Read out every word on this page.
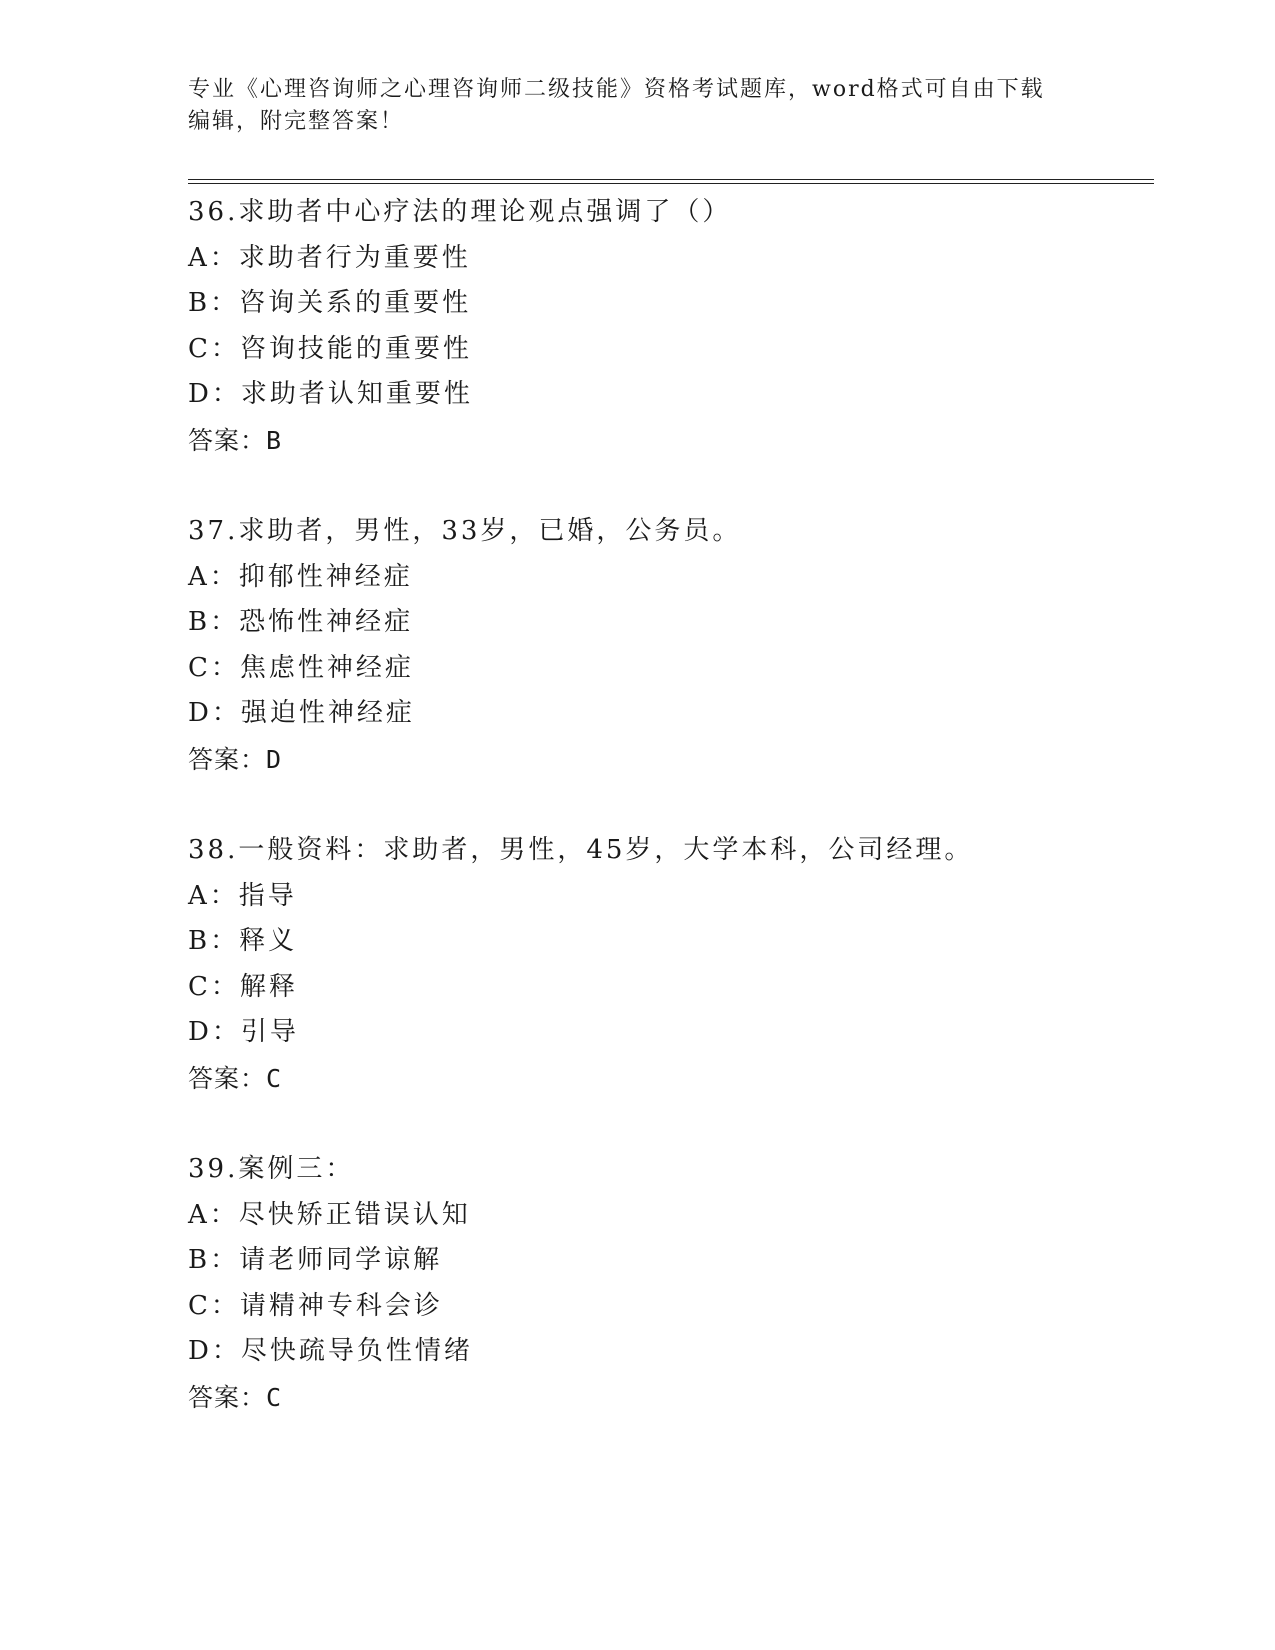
专业《心理咨询师之心理咨询师二级技能》资格考试题库，word格式可自由下载
编辑，附完整答案！
36.求助者中心疗法的理论观点强调了（）
A：求助者行为重要性
B：咨询关系的重要性
C：咨询技能的重要性
D：求助者认知重要性
答案：B
37.求助者，男性，33岁，已婚，公务员。
A：抑郁性神经症
B：恐怖性神经症
C：焦虑性神经症
D：强迫性神经症
答案：D
38.一般资料：求助者，男性，45岁，大学本科，公司经理。
A：指导
B：释义
C：解释
D：引导
答案：C
39.案例三：
A：尽快矫正错误认知
B：请老师同学谅解
C：请精神专科会诊
D：尽快疏导负性情绪
答案：C
